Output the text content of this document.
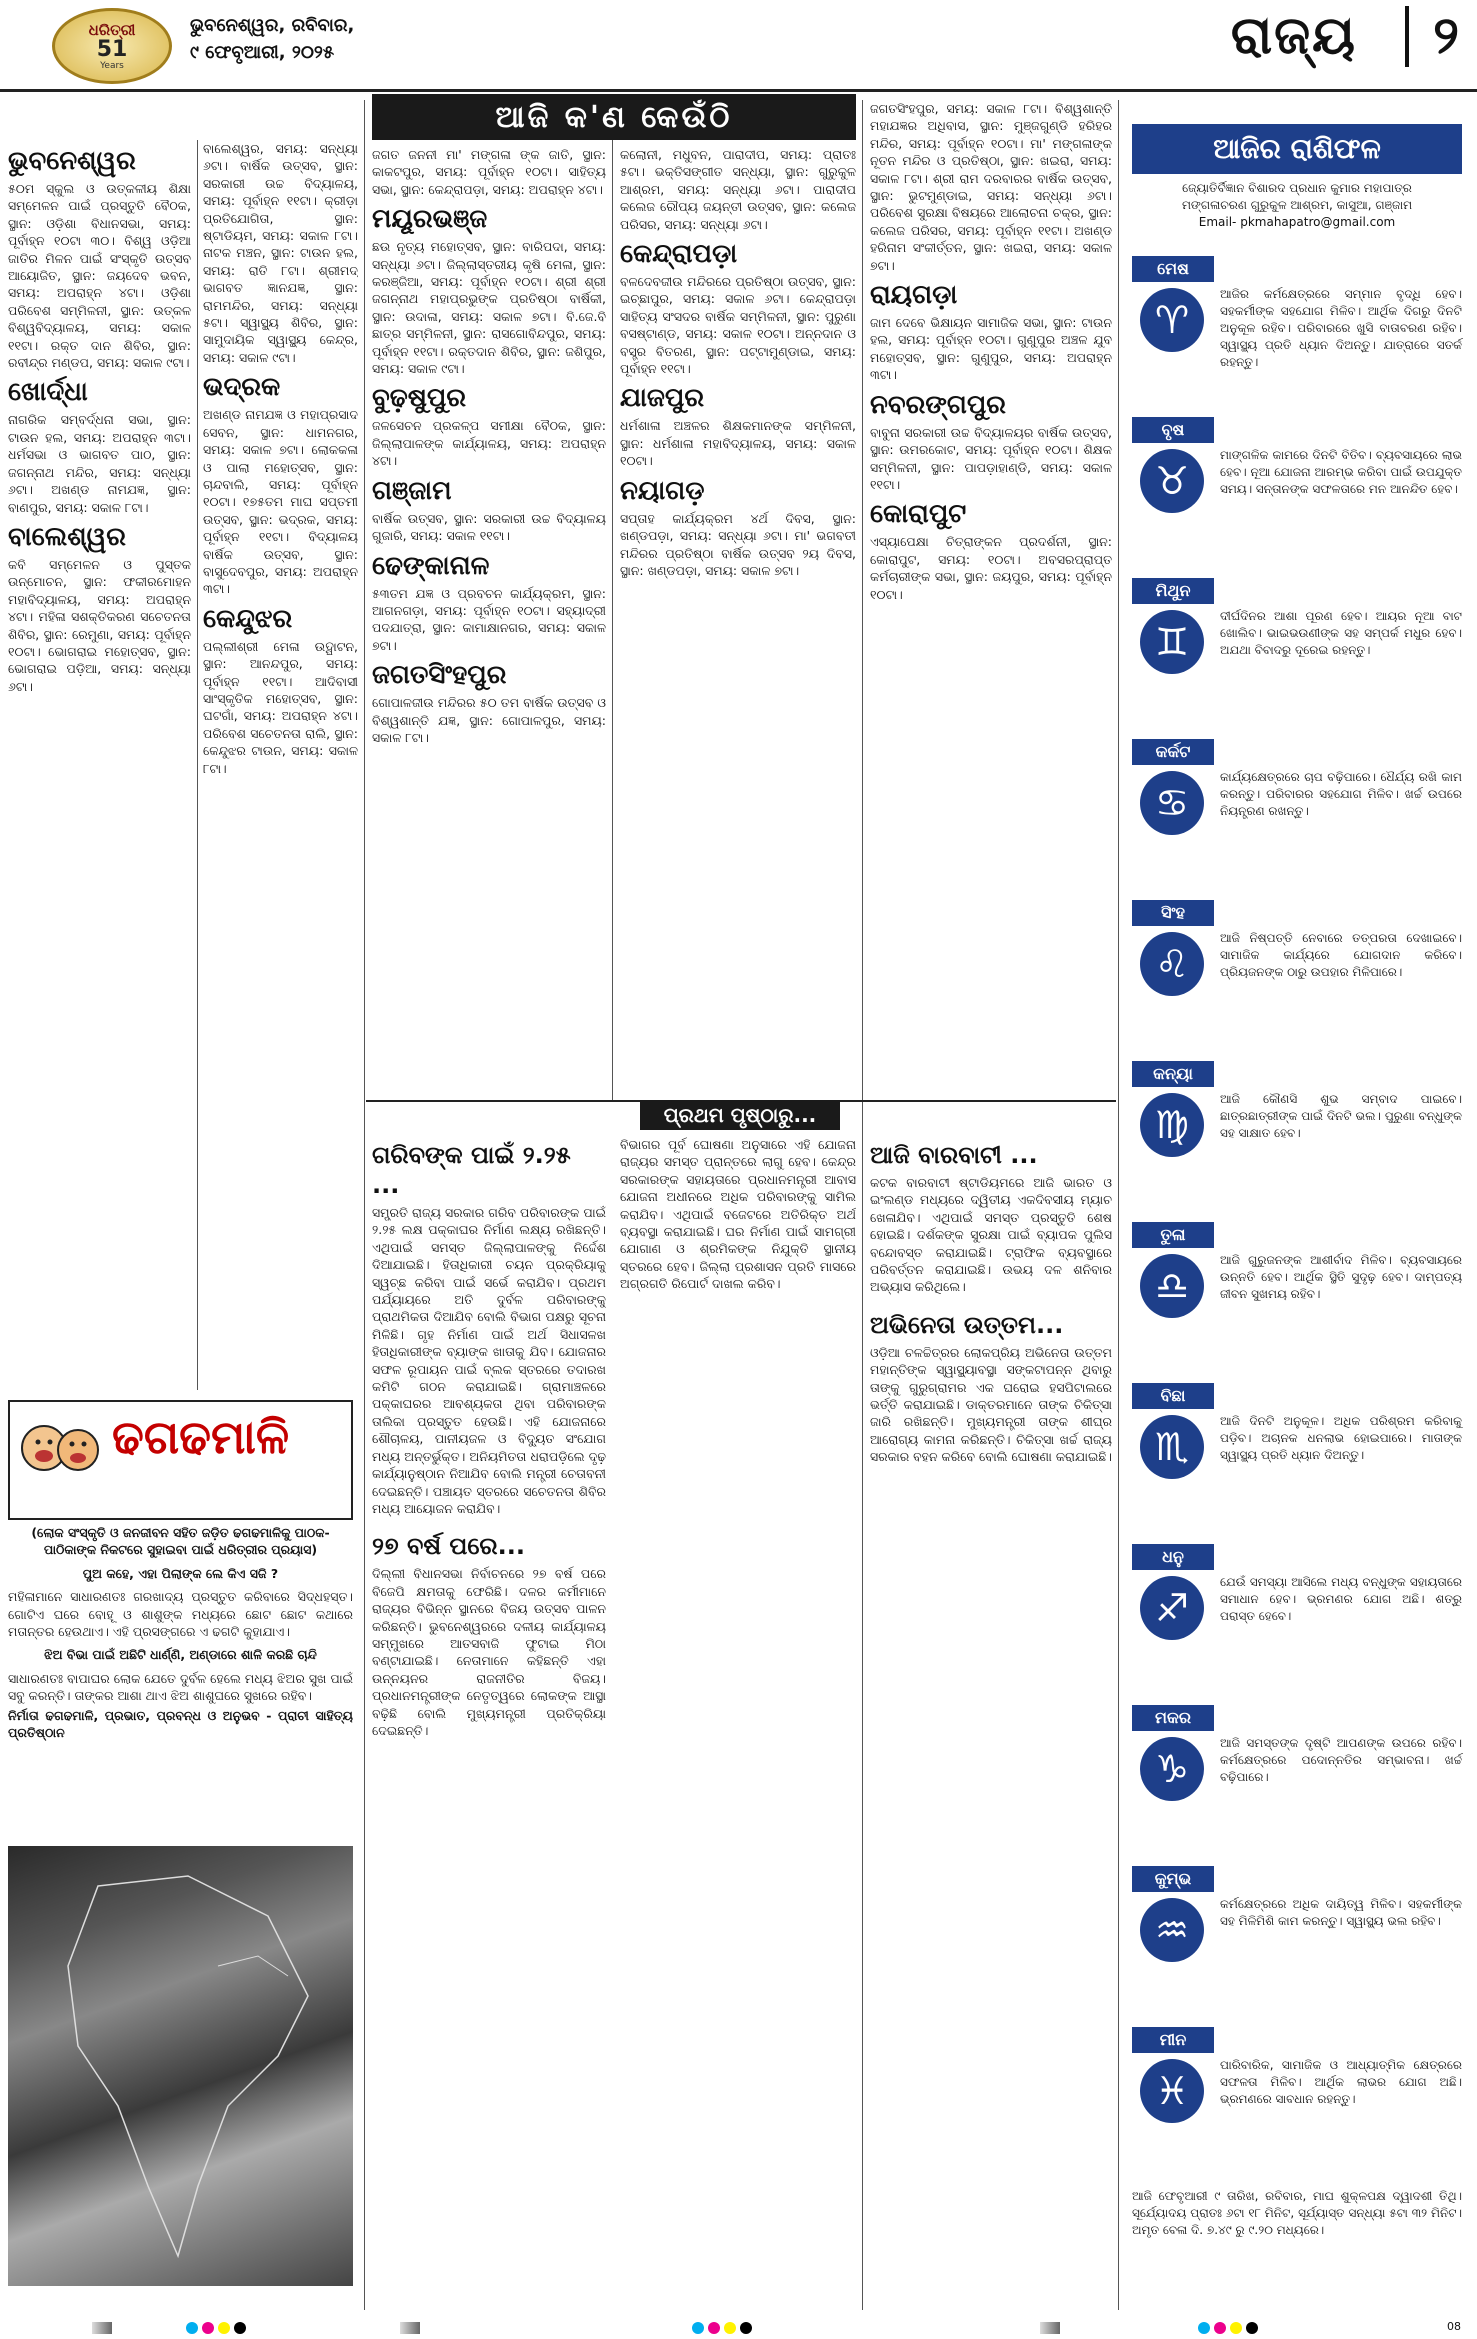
ଧରିତ୍ରୀ
51
Years
ଭୁବନେଶ୍ୱର, ରବିବାର,
୯ ଫେବୃଆରୀ, ୨୦୨୫	ରାଜ୍ୟ	୨
ଆଜି କ'ଣ କେଉଁଠି
ଭୁବନେଶ୍ୱର

୫୦ମ ସ୍କୁଲ ଓ ଉତ୍କଳୀୟ ଶିକ୍ଷା ସମ୍ମେଳନ ପାଇଁ ପ୍ରସ୍ତୁତି ବୈଠକ, ସ୍ଥାନ: ଓଡ଼ିଶା ବିଧାନସଭା, ସମୟ: ପୂର୍ବାହ୍ନ ୧୦ଟା ୩୦। ବିଶ୍ୱ ଓଡ଼ିଆ ଜାତିର ମିଳନ ପାଇଁ ସଂସ୍କୃତି ଉତ୍ସବ ଆୟୋଜିତ, ସ୍ଥାନ: ଜୟଦେବ ଭବନ, ସମୟ: ଅପରାହ୍ନ ୪ଟା। ଓଡ଼ିଶା ପରିବେଶ ସମ୍ମିଳନୀ, ସ୍ଥାନ: ଉତ୍କଳ ବିଶ୍ୱବିଦ୍ୟାଳୟ, ସମୟ: ସକାଳ ୧୧ଟା। ରକ୍ତ ଦାନ ଶିବିର, ସ୍ଥାନ: ରବୀନ୍ଦ୍ର ମଣ୍ଡପ, ସମୟ: ସକାଳ ୯ଟା।

ଖୋର୍ଦ୍ଧା

ନାଗରିକ ସମ୍ବର୍ଦ୍ଧନା ସଭା, ସ୍ଥାନ: ଟାଉନ ହଲ, ସମୟ: ଅପରାହ୍ନ ୩ଟା। ଧର୍ମସଭା ଓ ଭାଗବତ ପାଠ, ସ୍ଥାନ: ଜଗନ୍ନାଥ ମନ୍ଦିର, ସମୟ: ସନ୍ଧ୍ୟା ୬ଟା। ଅଖଣ୍ଡ ନାମଯଜ୍ଞ, ସ୍ଥାନ: ବାଣପୁର, ସମୟ: ସକାଳ ୮ଟା।

ବାଲେଶ୍ୱର

କବି ସମ୍ମେଳନ ଓ ପୁସ୍ତକ ଉନ୍ମୋଚନ, ସ୍ଥାନ: ଫକୀରମୋହନ ମହାବିଦ୍ୟାଳୟ, ସମୟ: ଅପରାହ୍ନ ୪ଟା। ମହିଳା ସଶକ୍ତିକରଣ ସଚେତନତା ଶିବିର, ସ୍ଥାନ: ରେମୁଣା, ସମୟ: ପୂର୍ବାହ୍ନ ୧୦ଟା। ଭୋଗରାଇ ମହୋତ୍ସବ, ସ୍ଥାନ: ଭୋଗରାଇ ପଡ଼ିଆ, ସମୟ: ସନ୍ଧ୍ୟା ୬ଟା।

ବାଲେଶ୍ୱର, ସମୟ: ସନ୍ଧ୍ୟା ୬ଟା। ବାର୍ଷିକ ଉତ୍ସବ, ସ୍ଥାନ: ସରକାରୀ ଉଚ୍ଚ ବିଦ୍ୟାଳୟ, ସମୟ: ପୂର୍ବାହ୍ନ ୧୧ଟା। କ୍ରୀଡ଼ା ପ୍ରତିଯୋଗିତା, ସ୍ଥାନ: ଷ୍ଟାଡିୟମ, ସମୟ: ସକାଳ ୮ଟା। ନାଟକ ମଞ୍ଚନ, ସ୍ଥାନ: ଟାଉନ ହଲ, ସମୟ: ରାତି ୮ଟା। ଶ୍ରୀମଦ୍ ଭାଗବତ ଜ୍ଞାନଯଜ୍ଞ, ସ୍ଥାନ: ରାମମନ୍ଦିର, ସମୟ: ସନ୍ଧ୍ୟା ୫ଟା। ସ୍ୱାସ୍ଥ୍ୟ ଶିବିର, ସ୍ଥାନ: ସାମୁଦାୟିକ ସ୍ୱାସ୍ଥ୍ୟ କେନ୍ଦ୍ର, ସମୟ: ସକାଳ ୯ଟା।

ଭଦ୍ରକ

ଅଖଣ୍ଡ ନାମଯଜ୍ଞ ଓ ମହାପ୍ରସାଦ ସେବନ, ସ୍ଥାନ: ଧାମନଗର, ସମୟ: ସକାଳ ୭ଟା। ଲୋକକଳା ଓ ପାଲା ମହୋତ୍ସବ, ସ୍ଥାନ: ଚାନ୍ଦବାଲି, ସମୟ: ପୂର୍ବାହ୍ନ ୧୦ଟା। ୧୭୫ତମ ମାଘ ସପ୍ତମୀ ଉତ୍ସବ, ସ୍ଥାନ: ଭଦ୍ରକ, ସମୟ: ପୂର୍ବାହ୍ନ ୧୧ଟା। ବିଦ୍ୟାଳୟ ବାର୍ଷିକ ଉତ୍ସବ, ସ୍ଥାନ: ବାସୁଦେବପୁର, ସମୟ: ଅପରାହ୍ନ ୩ଟା।

କେନ୍ଦୁଝର

ପଲ୍ଲୀଶ୍ରୀ ମେଳା ଉଦ୍ଘାଟନ, ସ୍ଥାନ: ଆନନ୍ଦପୁର, ସମୟ: ପୂର୍ବାହ୍ନ ୧୧ଟା। ଆଦିବାସୀ ସାଂସ୍କୃତିକ ମହୋତ୍ସବ, ସ୍ଥାନ: ଘଟଗାଁ, ସମୟ: ଅପରାହ୍ନ ୪ଟା। ପରିବେଶ ସଚେତନତା ରାଲି, ସ୍ଥାନ: କେନ୍ଦୁଝର ଟାଉନ, ସମୟ: ସକାଳ ୮ଟା।

ଜଗତ ଜନନୀ ମା' ମଙ୍ଗଳା ଙ୍କ ଜାତି, ସ୍ଥାନ: କାକଟପୁର, ସମୟ: ପୂର୍ବାହ୍ନ ୧୦ଟା। ସାହିତ୍ୟ ସଭା, ସ୍ଥାନ: କେନ୍ଦ୍ରାପଡ଼ା, ସମୟ: ଅପରାହ୍ନ ୪ଟା।

ମୟୂରଭଞ୍ଜ

ଛଉ ନୃତ୍ୟ ମହୋତ୍ସବ, ସ୍ଥାନ: ବାରିପଦା, ସମୟ: ସନ୍ଧ୍ୟା ୬ଟା। ଜିଲ୍ଲାସ୍ତରୀୟ କୃଷି ମେଳା, ସ୍ଥାନ: କରଞ୍ଜିଆ, ସମୟ: ପୂର୍ବାହ୍ନ ୧୦ଟା। ଶ୍ରୀ ଶ୍ରୀ ଜଗନ୍ନାଥ ମହାପ୍ରଭୁଙ୍କ ପ୍ରତିଷ୍ଠା ବାର୍ଷିକୀ, ସ୍ଥାନ: ଉଦାଳା, ସମୟ: ସକାଳ ୭ଟା। ବି.ଜେ.ବି ଛାତ୍ର ସମ୍ମିଳନୀ, ସ୍ଥାନ: ରାସଗୋବିନ୍ଦପୁର, ସମୟ: ପୂର୍ବାହ୍ନ ୧୧ଟା। ରକ୍ତଦାନ ଶିବିର, ସ୍ଥାନ: ଜଶିପୁର, ସମୟ: ସକାଳ ୯ଟା।

ବୁଢ଼ଷୁପୁର

ଜଳସେଚନ ପ୍ରକଳ୍ପ ସମୀକ୍ଷା ବୈଠକ, ସ୍ଥାନ: ଜିଲ୍ଲାପାଳଙ୍କ କାର୍ଯ୍ୟାଳୟ, ସମୟ: ଅପରାହ୍ନ ୪ଟା।

ଗଞ୍ଜାମ

ବାର୍ଷିକ ଉତ୍ସବ, ସ୍ଥାନ: ସରକାରୀ ଉଚ୍ଚ ବିଦ୍ୟାଳୟ ଗୁଜାରି, ସମୟ: ସକାଳ ୧୧ଟା।

ଢେଙ୍କାନାଳ

୫୩ତମ ଯଜ୍ଞ ଓ ପ୍ରବଚନ କାର୍ଯ୍ୟକ୍ରମ, ସ୍ଥାନ: ଆଗନଗଡ଼ା, ସମୟ: ପୂର୍ବାହ୍ନ ୧୦ଟା। ସହ୍ୟାଦ୍ରୀ ପଦଯାତ୍ରା, ସ୍ଥାନ: କାମାକ୍ଷାନଗର, ସମୟ: ସକାଳ ୭ଟା।

ଜଗତସିଂହପୁର

ଗୋପାଳଜୀଉ ମନ୍ଦିରର ୫୦ ତମ ବାର୍ଷିକ ଉତ୍ସବ ଓ ବିଶ୍ୱଶାନ୍ତି ଯଜ୍ଞ, ସ୍ଥାନ: ଗୋପାଳପୁର, ସମୟ: ସକାଳ ୮ଟା।

କଲୋନୀ, ମଧୁବନ, ପାରାଦୀପ, ସମୟ: ପ୍ରାତଃ ୫ଟା। ଭକ୍ତିସଙ୍ଗୀତ ସନ୍ଧ୍ୟା, ସ୍ଥାନ: ଗୁରୁକୁଳ ଆଶ୍ରମ, ସମୟ: ସନ୍ଧ୍ୟା ୬ଟା। ପାରାଦୀପ କଲେଜ ରୌପ୍ୟ ଜୟନ୍ତୀ ଉତ୍ସବ, ସ୍ଥାନ: କଲେଜ ପରିସର, ସମୟ: ସନ୍ଧ୍ୟା ୬ଟା।

କେନ୍ଦ୍ରାପଡ଼ା

ବଳଦେବଜୀଉ ମନ୍ଦିରରେ ପ୍ରତିଷ୍ଠା ଉତ୍ସବ, ସ୍ଥାନ: ଇଚ୍ଛାପୁର, ସମୟ: ସକାଳ ୬ଟା। କେନ୍ଦ୍ରାପଡ଼ା ସାହିତ୍ୟ ସଂସଦର ବାର୍ଷିକ ସମ୍ମିଳନୀ, ସ୍ଥାନ: ପୁରୁଣା ବସଷ୍ଟାଣ୍ଡ, ସମୟ: ସକାଳ ୧୦ଟା। ଅନ୍ନଦାନ ଓ ବସ୍ତ୍ର ବିତରଣ, ସ୍ଥାନ: ପଟ୍ଟାମୁଣ୍ଡାଇ, ସମୟ: ପୂର୍ବାହ୍ନ ୧୧ଟା।

ଯାଜପୁର

ଧର୍ମଶାଳା ଅଞ୍ଚଳର ଶିକ୍ଷକମାନଙ୍କ ସମ୍ମିଳନୀ, ସ୍ଥାନ: ଧର୍ମଶାଳା ମହାବିଦ୍ୟାଳୟ, ସମୟ: ସକାଳ ୧୦ଟା।

ନୟାଗଡ଼

ସପ୍ତାହ କାର୍ଯ୍ୟକ୍ରମ ୪ର୍ଥ ଦିବସ, ସ୍ଥାନ: ଖଣ୍ଡପଡ଼ା, ସମୟ: ସନ୍ଧ୍ୟା ୬ଟା। ମା' ଭଗବତୀ ମନ୍ଦିରର ପ୍ରତିଷ୍ଠା ବାର୍ଷିକ ଉତ୍ସବ ୨ୟ ଦିବସ, ସ୍ଥାନ: ଖଣ୍ଡପଡ଼ା, ସମୟ: ସକାଳ ୭ଟା।

ଜଗତସିଂହପୁର, ସମୟ: ସକାଳ ୮ଟା। ବିଶ୍ୱଶାନ୍ତି ମହାଯଜ୍ଞର ଅଧିବାସ, ସ୍ଥାନ: ମୁଞ୍ଜଗୁଣ୍ଡି ହରିହର ମନ୍ଦିର, ସମୟ: ପୂର୍ବାହ୍ନ ୧୦ଟା। ମା' ମଙ୍ଗଳାଙ୍କ ନୂତନ ମନ୍ଦିର ଓ ପ୍ରତିଷ୍ଠା, ସ୍ଥାନ: ଖଇରା, ସମୟ: ସକାଳ ୮ଟା। ଶ୍ରୀ ରାମ ଦରବାରର ବାର୍ଷିକ ଉତ୍ସବ, ସ୍ଥାନ: ଭୁଟମୁଣ୍ଡାଇ, ସମୟ: ସନ୍ଧ୍ୟା ୬ଟା। ପରିବେଶ ସୁରକ୍ଷା ବିଷୟରେ ଆଲୋଚନା ଚକ୍ର, ସ୍ଥାନ: କଲେଜ ପରିସର, ସମୟ: ପୂର୍ବାହ୍ନ ୧୧ଟା। ଅଖଣ୍ଡ ହରିନାମ ସଂକୀର୍ତ୍ତନ, ସ୍ଥାନ: ଖଇରା, ସମୟ: ସକାଳ ୭ଟା।

ରାୟଗଡ଼ା

ଜାମ ଦେବେ ଭିକ୍ଷାୟନ ସାମାଜିକ ସଭା, ସ୍ଥାନ: ଟାଉନ ହଲ, ସମୟ: ପୂର୍ବାହ୍ନ ୧୦ଟା। ଗୁଣୁପୁର ଅଞ୍ଚଳ ଯୁବ ମହୋତ୍ସବ, ସ୍ଥାନ: ଗୁଣୁପୁର, ସମୟ: ଅପରାହ୍ନ ୩ଟା।

ନବରଙ୍ଗପୁର

ବାବୁନା ସରକାରୀ ଉଚ୍ଚ ବିଦ୍ୟାଳୟର ବାର୍ଷିକ ଉତ୍ସବ, ସ୍ଥାନ: ଉମରକୋଟ, ସମୟ: ପୂର୍ବାହ୍ନ ୧୦ଟା। ଶିକ୍ଷକ ସମ୍ମିଳନୀ, ସ୍ଥାନ: ପାପଡ଼ାହାଣ୍ଡି, ସମୟ: ସକାଳ ୧୧ଟା।

କୋରାପୁଟ

ଏସ୍ୟାପେକ୍ଷା ଚିତ୍ରାଙ୍କନ ପ୍ରଦର୍ଶନୀ, ସ୍ଥାନ: କୋରାପୁଟ, ସମୟ: ୧୦ଟା। ଅବସରପ୍ରାପ୍ତ କର୍ମଚାରୀଙ୍କ ସଭା, ସ୍ଥାନ: ଜୟପୁର, ସମୟ: ପୂର୍ବାହ୍ନ ୧୦ଟା।

ପ୍ରଥମ ପୃଷ୍ଠାରୁ...
ଗରିବଙ୍କ ପାଇଁ ୨.୨୫ ...

ସମ୍ପ୍ରତି ରାଜ୍ୟ ସରକାର ଗରିବ ପରିବାରଙ୍କ ପାଇଁ ୨.୨୫ ଲକ୍ଷ ପକ୍କାଘର ନିର୍ମାଣ ଲକ୍ଷ୍ୟ ରଖିଛନ୍ତି। ଏଥିପାଇଁ ସମସ୍ତ ଜିଲ୍ଲାପାଳଙ୍କୁ ନିର୍ଦ୍ଦେଶ ଦିଆଯାଇଛି। ହିତାଧିକାରୀ ଚୟନ ପ୍ରକ୍ରିୟାକୁ ସ୍ୱଚ୍ଛ କରିବା ପାଇଁ ସର୍ଭେ କରାଯିବ। ପ୍ରଥମ ପର୍ଯ୍ୟାୟରେ ଅତି ଦୁର୍ବଳ ପରିବାରଙ୍କୁ ପ୍ରାଥମିକତା ଦିଆଯିବ ବୋଲି ବିଭାଗ ପକ୍ଷରୁ ସୂଚନା ମିଳିଛି। ଗୃହ ନିର୍ମାଣ ପାଇଁ ଅର୍ଥ ସିଧାସଳଖ ହିତାଧିକାରୀଙ୍କ ବ୍ୟାଙ୍କ ଖାତାକୁ ଯିବ। ଯୋଜନାର ସଫଳ ରୂପାୟନ ପାଇଁ ବ୍ଲକ ସ୍ତରରେ ତଦାରଖ କମିଟି ଗଠନ କରାଯାଇଛି। ଗ୍ରାମାଞ୍ଚଳରେ ପକ୍କାଘରର ଆବଶ୍ୟକତା ଥିବା ପରିବାରଙ୍କ ତାଲିକା ପ୍ରସ୍ତୁତ ହେଉଛି। ଏହି ଯୋଜନାରେ ଶୌଚାଳୟ, ପାନୀୟଜଳ ଓ ବିଦ୍ୟୁତ ସଂଯୋଗ ମଧ୍ୟ ଅନ୍ତର୍ଭୁକ୍ତ। ଅନିୟମିତତା ଧରାପଡ଼ିଲେ ଦୃଢ଼ କାର୍ଯ୍ୟାନୁଷ୍ଠାନ ନିଆଯିବ ବୋଲି ମନ୍ତ୍ରୀ ଚେତାବନୀ ଦେଇଛନ୍ତି। ପଞ୍ଚାୟତ ସ୍ତରରେ ସଚେତନତା ଶିବିର ମଧ୍ୟ ଆୟୋଜନ କରାଯିବ।

୨୭ ବର୍ଷ ପରେ...

ଦିଲ୍ଲୀ ବିଧାନସଭା ନିର୍ବାଚନରେ ୨୭ ବର୍ଷ ପରେ ବିଜେପି କ୍ଷମତାକୁ ଫେରିଛି। ଦଳର କର୍ମୀମାନେ ରାଜ୍ୟର ବିଭିନ୍ନ ସ୍ଥାନରେ ବିଜୟ ଉତ୍ସବ ପାଳନ କରିଛନ୍ତି। ଭୁବନେଶ୍ୱରରେ ଦଳୀୟ କାର୍ଯ୍ୟାଳୟ ସମ୍ମୁଖରେ ଆତସବାଜି ଫୁଟାଇ ମିଠା ବଣ୍ଟାଯାଇଛି। ନେତାମାନେ କହିଛନ୍ତି ଏହା ଉନ୍ନୟନର ରାଜନୀତିର ବିଜୟ। ପ୍ରଧାନମନ୍ତ୍ରୀଙ୍କ ନେତୃତ୍ୱରେ ଲୋକଙ୍କ ଆସ୍ଥା ବଢ଼ିଛି ବୋଲି ମୁଖ୍ୟମନ୍ତ୍ରୀ ପ୍ରତିକ୍ରିୟା ଦେଇଛନ୍ତି।

ବିଭାଗର ପୂର୍ବ ଘୋଷଣା ଅନୁସାରେ ଏହି ଯୋଜନା ରାଜ୍ୟର ସମସ୍ତ ପ୍ରାନ୍ତରେ ଲାଗୁ ହେବ। କେନ୍ଦ୍ର ସରକାରଙ୍କ ସହାୟତାରେ ପ୍ରଧାନମନ୍ତ୍ରୀ ଆବାସ ଯୋଜନା ଅଧୀନରେ ଅଧିକ ପରିବାରଙ୍କୁ ସାମିଲ କରାଯିବ। ଏଥିପାଇଁ ବଜେଟରେ ଅତିରିକ୍ତ ଅର୍ଥ ବ୍ୟବସ୍ଥା କରାଯାଇଛି। ଘର ନିର୍ମାଣ ପାଇଁ ସାମଗ୍ରୀ ଯୋଗାଣ ଓ ଶ୍ରମିକଙ୍କ ନିଯୁକ୍ତି ସ୍ଥାନୀୟ ସ୍ତରରେ ହେବ। ଜିଲ୍ଲା ପ୍ରଶାସନ ପ୍ରତି ମାସରେ ଅଗ୍ରଗତି ରିପୋର୍ଟ ଦାଖଲ କରିବ।

ଆଜି ବାରବାଟୀ ...

କଟକ ବାରବାଟୀ ଷ୍ଟାଡିୟମରେ ଆଜି ଭାରତ ଓ ଇଂଲଣ୍ଡ ମଧ୍ୟରେ ଦ୍ୱିତୀୟ ଏକଦିବସୀୟ ମ୍ୟାଚ ଖେଳାଯିବ। ଏଥିପାଇଁ ସମସ୍ତ ପ୍ରସ୍ତୁତି ଶେଷ ହୋଇଛି। ଦର୍ଶକଙ୍କ ସୁରକ୍ଷା ପାଇଁ ବ୍ୟାପକ ପୁଲିସ ବନ୍ଦୋବସ୍ତ କରାଯାଇଛି। ଟ୍ରାଫିକ ବ୍ୟବସ୍ଥାରେ ପରିବର୍ତ୍ତନ କରାଯାଇଛି। ଉଭୟ ଦଳ ଶନିବାର ଅଭ୍ୟାସ କରିଥିଲେ।

ଅଭିନେତା ଉତ୍ତମ...

ଓଡ଼ିଆ ଚଳଚ୍ଚିତ୍ରର ଲୋକପ୍ରିୟ ଅଭିନେତା ଉତ୍ତମ ମହାନ୍ତିଙ୍କ ସ୍ୱାସ୍ଥ୍ୟାବସ୍ଥା ସଙ୍କଟାପନ୍ନ ଥିବାରୁ ତାଙ୍କୁ ଗୁରୁଗ୍ରାମର ଏକ ଘରୋଇ ହସପିଟାଲରେ ଭର୍ତ୍ତି କରାଯାଇଛି। ଡାକ୍ତରମାନେ ତାଙ୍କ ଚିକିତ୍ସା ଜାରି ରଖିଛନ୍ତି। ମୁଖ୍ୟମନ୍ତ୍ରୀ ତାଙ୍କ ଶୀଘ୍ର ଆରୋଗ୍ୟ କାମନା କରିଛନ୍ତି। ଚିକିତ୍ସା ଖର୍ଚ୍ଚ ରାଜ୍ୟ ସରକାର ବହନ କରିବେ ବୋଲି ଘୋଷଣା କରାଯାଇଛି।

ଢଗଢମାଳି

(ଲୋକ ସଂସ୍କୃତି ଓ ଜନଜୀବନ ସହିତ ଜଡ଼ିତ ଢଗଢମାଳିକୁ ପାଠକ-ପାଠିକାଙ୍କ ନିକଟରେ ସୁହାଇବା ପାଇଁ ଧରିତ୍ରୀର ପ୍ରୟାସ)

ପୁଅ କହେ, ଏହା ପିଲାଙ୍କ ଲେ କିଏ ସଜି ?

ମହିଳାମାନେ ସାଧାରଣତଃ ଗରଖାଦ୍ୟ ପ୍ରସ୍ତୁତ କରିବାରେ ସିଦ୍ଧହସ୍ତ। ଗୋଟିଏ ଘରେ ବୋହୂ ଓ ଶାଶୁଙ୍କ ମଧ୍ୟରେ ଛୋଟ ଛୋଟ କଥାରେ ମତାନ୍ତର ହେଉଥାଏ। ଏହି ପ୍ରସଙ୍ଗରେ ଏ ଢଗଟି କୁହାଯାଏ।

ଝିଅ ବିଭା ପାଇଁ ଅଛିଟି ଧାର୍ଣ୍ଣି, ଅଣ୍ଡାରେ ଶାଳି କରଛି ଚାନ୍ଦି

ସାଧାରଣତଃ ବାପାଘର ଲୋକ ଯେତେ ଦୁର୍ବଳ ହେଲେ ମଧ୍ୟ ଝିଅର ସୁଖ ପାଇଁ ସବୁ କରନ୍ତି। ତାଙ୍କର ଆଶା ଥାଏ ଝିଅ ଶାଶୁଘରେ ସୁଖରେ ରହିବ।

ନିର୍ମାତା ଢଗଢମାଳି, ପ୍ରଭାତ, ପ୍ରବନ୍ଧ ଓ ଅନୁଭବ - ପ୍ରାଚୀ ସାହିତ୍ୟ ପ୍ରତିଷ୍ଠାନ

ଆଜିର ରାଶିଫଳ
ଜ୍ୟୋତିର୍ବିଜ୍ଞାନ ବିଶାରଦ ପ୍ରଧାନ କୁମାର ମହାପାତ୍ର
ମଙ୍ଗଳାଚରଣ ଗୁରୁକୁଳ ଆଶ୍ରମ, କାସୁଆ, ଗଞ୍ଜାମ
Email- pkmahapatro@gmail.com
ମେଷ
♈
ଆଜିର କର୍ମକ୍ଷେତ୍ରରେ ସମ୍ମାନ ବୃଦ୍ଧି ହେବ। ସହକର୍ମୀଙ୍କ ସହଯୋଗ ମିଳିବ। ଆର୍ଥିକ ଦିଗରୁ ଦିନଟି ଅନୁକୂଳ ରହିବ। ପରିବାରରେ ଖୁସି ବାତାବରଣ ରହିବ। ସ୍ୱାସ୍ଥ୍ୟ ପ୍ରତି ଧ୍ୟାନ ଦିଅନ୍ତୁ। ଯାତ୍ରାରେ ସତର୍କ ରହନ୍ତୁ।
ବୃଷ
♉
ମାଙ୍ଗଳିକ କାମରେ ଦିନଟି ବିତିବ। ବ୍ୟବସାୟରେ ଲାଭ ହେବ। ନୂଆ ଯୋଜନା ଆରମ୍ଭ କରିବା ପାଇଁ ଉପଯୁକ୍ତ ସମୟ। ସନ୍ତାନଙ୍କ ସଫଳତାରେ ମନ ଆନନ୍ଦିତ ହେବ।
ମିଥୁନ
♊
ଦୀର୍ଘଦିନର ଆଶା ପୂରଣ ହେବ। ଆୟର ନୂଆ ବାଟ ଖୋଲିବ। ଭାଇଭଉଣୀଙ୍କ ସହ ସମ୍ପର୍କ ମଧୁର ହେବ। ଅଯଥା ବିବାଦରୁ ଦୂରେଇ ରହନ୍ତୁ।
କର୍କଟ
♋
କାର୍ଯ୍ୟକ୍ଷେତ୍ରରେ ଚାପ ବଢ଼ିପାରେ। ଧୈର୍ଯ୍ୟ ରଖି କାମ କରନ୍ତୁ। ପରିବାରର ସହଯୋଗ ମିଳିବ। ଖର୍ଚ୍ଚ ଉପରେ ନିୟନ୍ତ୍ରଣ ରଖନ୍ତୁ।
ସିଂହ
♌
ଆଜି ନିଷ୍ପତ୍ତି ନେବାରେ ତତ୍ପରତା ଦେଖାଇବେ। ସାମାଜିକ କାର୍ଯ୍ୟରେ ଯୋଗଦାନ କରିବେ। ପ୍ରିୟଜନଙ୍କ ଠାରୁ ଉପହାର ମିଳିପାରେ।
କନ୍ୟା
♍
ଆଜି କୌଣସି ଶୁଭ ସମ୍ବାଦ ପାଇବେ। ଛାତ୍ରଛାତ୍ରୀଙ୍କ ପାଇଁ ଦିନଟି ଭଲ। ପୁରୁଣା ବନ୍ଧୁଙ୍କ ସହ ସାକ୍ଷାତ ହେବ।
ତୁଳା
♎
ଆଜି ଗୁରୁଜନଙ୍କ ଆଶୀର୍ବାଦ ମିଳିବ। ବ୍ୟବସାୟରେ ଉନ୍ନତି ହେବ। ଆର୍ଥିକ ସ୍ଥିତି ସୁଦୃଢ଼ ହେବ। ଦାମ୍ପତ୍ୟ ଜୀବନ ସୁଖମୟ ରହିବ।
ବିଛା
♏
ଆଜି ଦିନଟି ଅନୁକୂଳ। ଅଧିକ ପରିଶ୍ରମ କରିବାକୁ ପଡ଼ିବ। ଅଚାନକ ଧନଲାଭ ହୋଇପାରେ। ମାତାଙ୍କ ସ୍ୱାସ୍ଥ୍ୟ ପ୍ରତି ଧ୍ୟାନ ଦିଅନ୍ତୁ।
ଧନୁ
♐
ଯେଉଁ ସମସ୍ୟା ଆସିଲେ ମଧ୍ୟ ବନ୍ଧୁଙ୍କ ସହାୟତାରେ ସମାଧାନ ହେବ। ଭ୍ରମଣର ଯୋଗ ଅଛି। ଶତ୍ରୁ ପରାସ୍ତ ହେବେ।
ମକର
♑
ଆଜି ସମସ୍ତଙ୍କ ଦୃଷ୍ଟି ଆପଣଙ୍କ ଉପରେ ରହିବ। କର୍ମକ୍ଷେତ୍ରରେ ପଦୋନ୍ନତିର ସମ୍ଭାବନା। ଖର୍ଚ୍ଚ ବଢ଼ିପାରେ।
କୁମ୍ଭ
♒
କର୍ମକ୍ଷେତ୍ରରେ ଅଧିକ ଦାୟିତ୍ୱ ମିଳିବ। ସହକର୍ମୀଙ୍କ ସହ ମିଳିମିଶି କାମ କରନ୍ତୁ। ସ୍ୱାସ୍ଥ୍ୟ ଭଲ ରହିବ।
ମୀନ
♓
ପାରିବାରିକ, ସାମାଜିକ ଓ ଆଧ୍ୟାତ୍ମିକ କ୍ଷେତ୍ରରେ ସଫଳତା ମିଳିବ। ଆର୍ଥିକ ଲାଭର ଯୋଗ ଅଛି। ଭ୍ରମଣରେ ସାବଧାନ ରହନ୍ତୁ।

ଆଜି ଫେବୃଆରୀ ୯ ତାରିଖ, ରବିବାର, ମାଘ ଶୁକ୍ଳପକ୍ଷ ଦ୍ୱାଦଶୀ ତିଥି। ସୂର୍ଯ୍ୟୋଦୟ ପ୍ରାତଃ ୬ଟା ୧୮ ମିନିଟ, ସୂର୍ଯ୍ୟାସ୍ତ ସନ୍ଧ୍ୟା ୫ଟା ୩୨ ମିନିଟ। ଅମୃତ ବେଳା ଦି. ୭.୪୯ ରୁ ୯.୨୦ ମଧ୍ୟରେ।

08
